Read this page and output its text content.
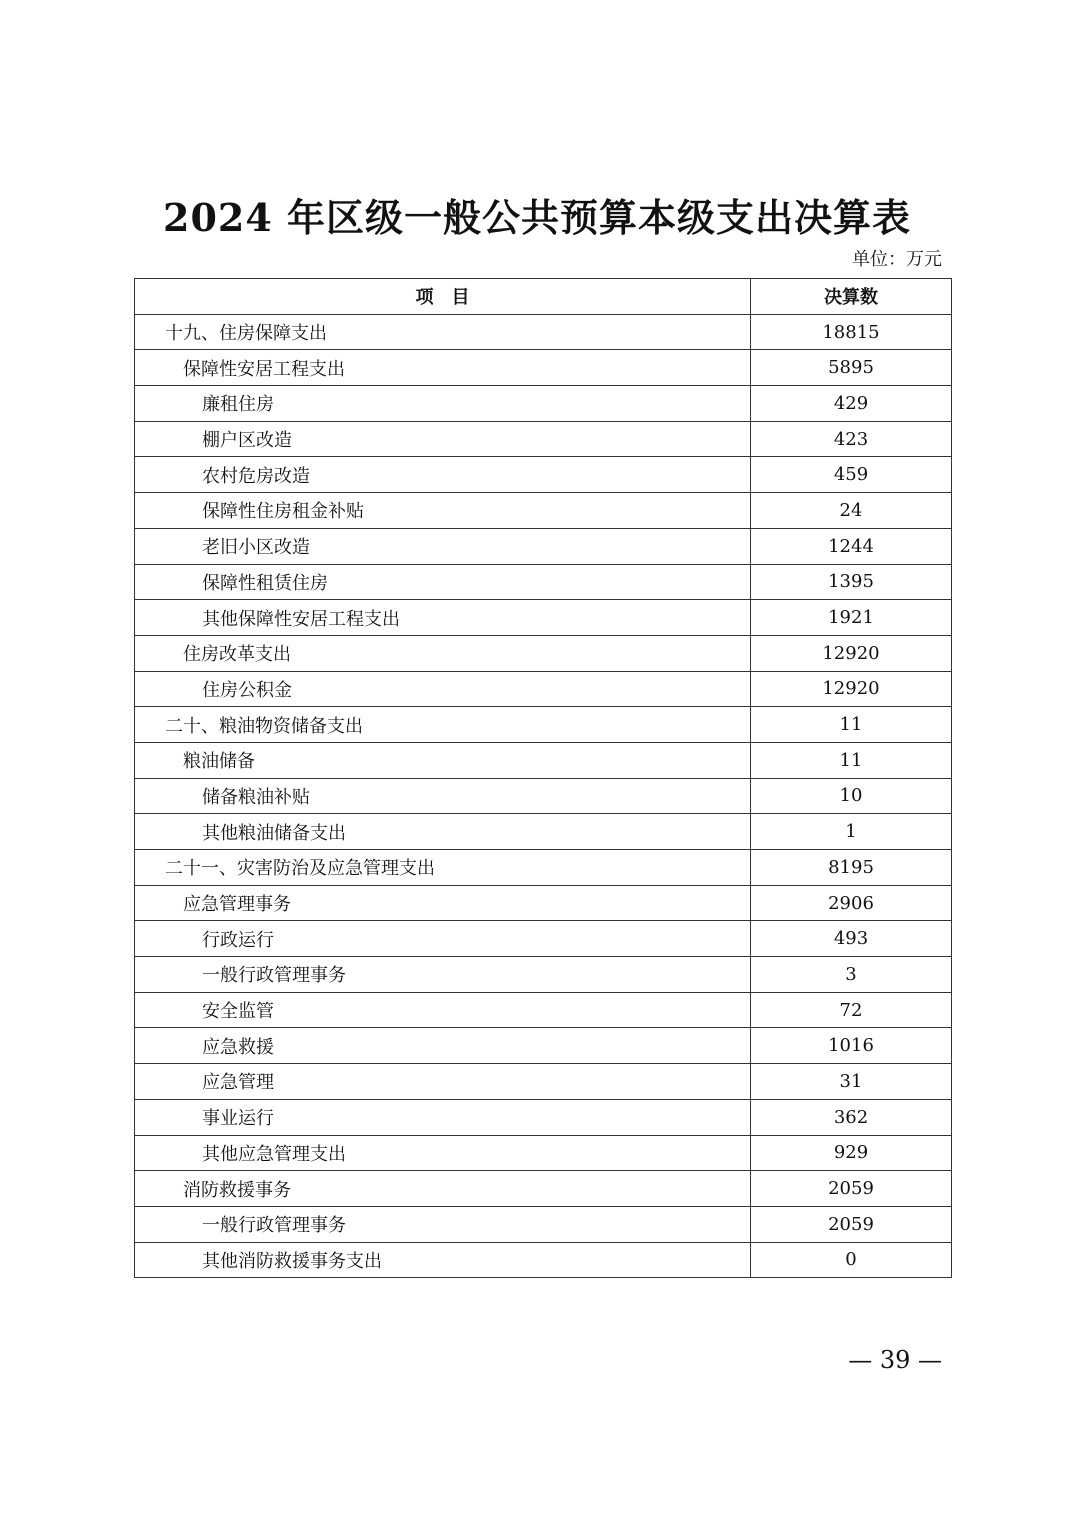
2024 年区级一般公共预算本级支出决算表
单位：万元
项　目	决算数
十九、住房保障支出	18815
保障性安居工程支出	5895
廉租住房	429
棚户区改造	423
农村危房改造	459
保障性住房租金补贴	24
老旧小区改造	1244
保障性租赁住房	1395
其他保障性安居工程支出	1921
住房改革支出	12920
住房公积金	12920
二十、粮油物资储备支出	11
粮油储备	11
储备粮油补贴	10
其他粮油储备支出	1
二十一、灾害防治及应急管理支出	8195
应急管理事务	2906
行政运行	493
一般行政管理事务	3
安全监管	72
应急救援	1016
应急管理	31
事业运行	362
其他应急管理支出	929
消防救援事务	2059
一般行政管理事务	2059
其他消防救援事务支出	0
— 39 —
